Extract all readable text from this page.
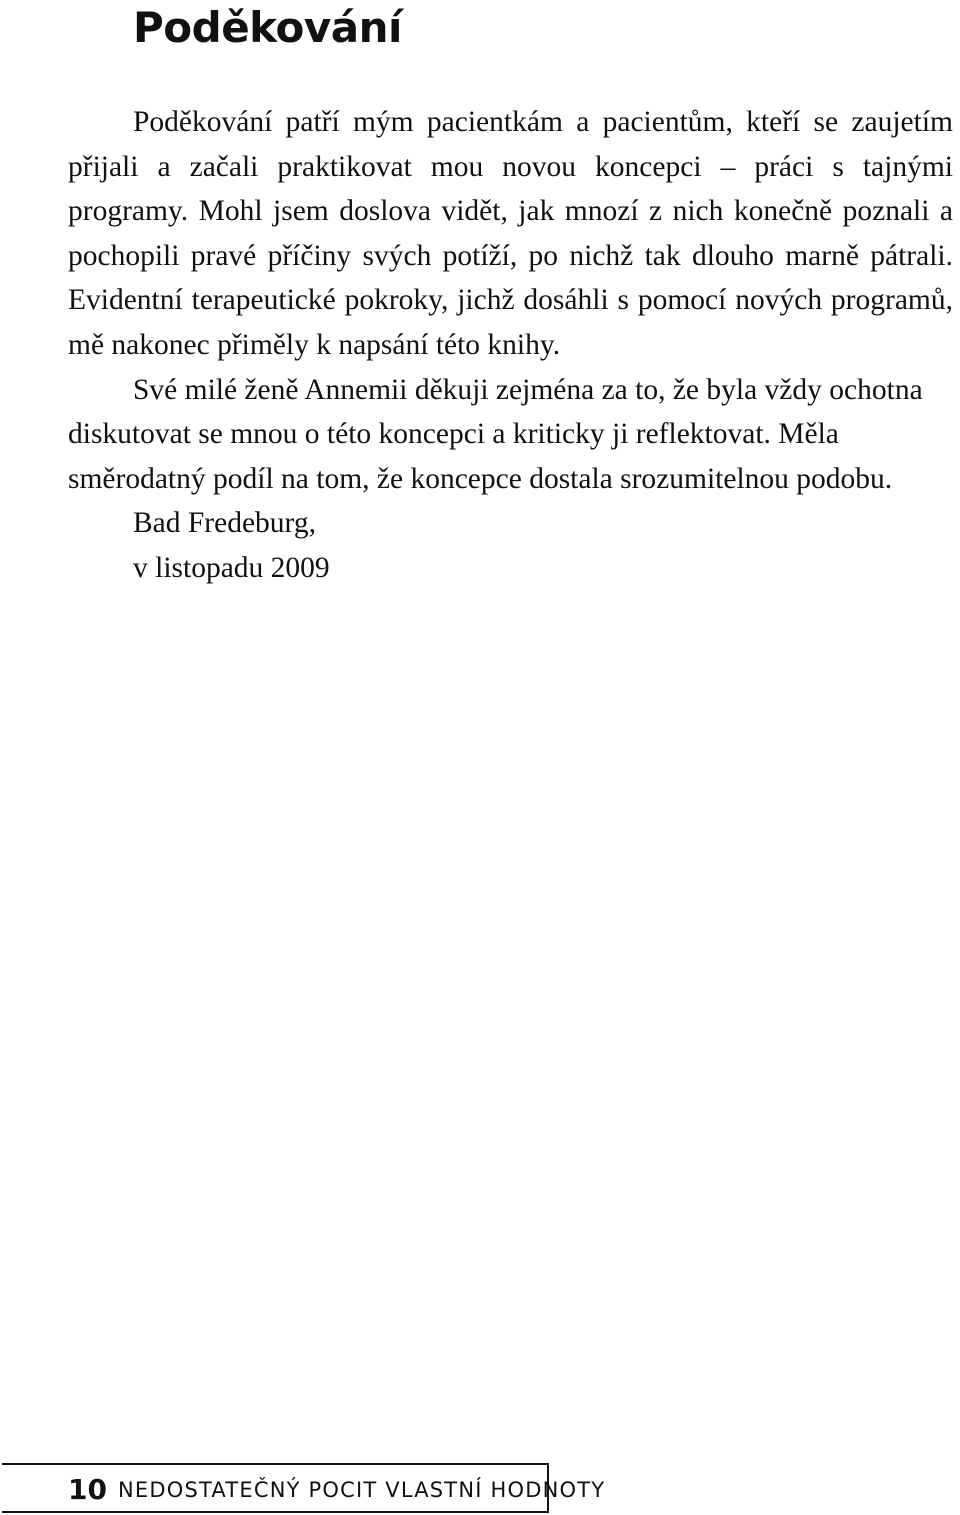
Poděkování

Poděkování patří mým pacientkám a pacientům, kteří se zaujetím přijali a začali praktikovat mou novou koncepci – práci s tajnými programy. Mohl jsem doslova vidět, jak mnozí z nich konečně poznali a pochopili pravé příčiny svých potíží, po nichž tak dlouho marně pátrali. Evidentní terapeutické pokroky, jichž dosáhli s pomocí nových programů, mě nakonec přiměly k napsání této knihy.

Své milé ženě Annemii děkuji zejména za to, že byla vždy ochotna diskutovat se mnou o této koncepci a kriticky ji reflektovat. Měla směrodatný podíl na tom, že koncepce dostala srozumitelnou podobu.

Bad Fredeburg,

v listopadu 2009

10 NEDOSTATEČNÝ POCIT VLASTNÍ HODNOTY
